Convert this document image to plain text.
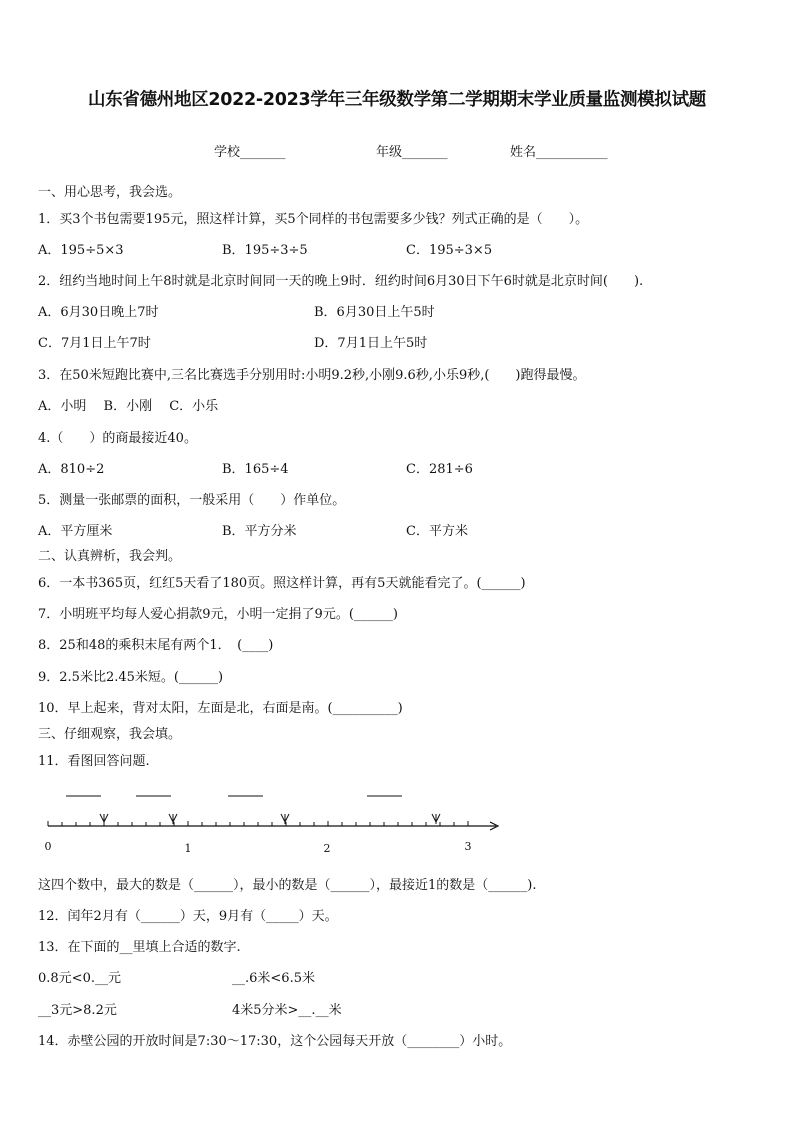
山东省德州地区2022-2023学年三年级数学第二学期期末学业质量监测模拟试题
学校_______	年级_______	姓名___________
一、用心思考，我会选。
1．买3个书包需要195元，照这样计算，买5个同样的书包需要多少钱？列式正确的是（　　）。
A．195÷5×3	B．195÷3÷5	C．195÷3×5
2．纽约当地时间上午8时就是北京时间同一天的晚上9时．纽约时间6月30日下午6时就是北京时间(　　).
A．6月30日晚上7时	B．6月30日上午5时
C．7月1日上午7时	D．7月1日上午5时
3．在50米短跑比赛中,三名比赛选手分别用时:小明9.2秒,小刚9.6秒,小乐9秒,(　　)跑得最慢。
A．小明　 B．小刚　 C．小乐
4.（　　）的商最接近40。
A．810÷2	B．165÷4	C．281÷6
5．测量一张邮票的面积，一般采用（　　）作单位。
A．平方厘米	B．平方分米	C．平方米
二、认真辨析，我会判。
6．一本书365页，红红5天看了180页。照这样计算，再有5天就能看完了。(______)
7．小明班平均每人爱心捐款9元，小明一定捐了9元。(______)
8．25和48的乘积末尾有两个1．　(____)
9．2.5米比2.45米短。(______)
10．早上起来，背对太阳，左面是北，右面是南。(__________)
三、仔细观察，我会填。
11．看图回答问题.
0	1	2	3
这四个数中，最大的数是（______），最小的数是（______），最接近1的数是（______).
12．闰年2月有（______）天，9月有（_____）天。
13．在下面的__里填上合适的数字.
0.8元<0.__元	__.6米<6.5米
__3元>8.2元	4米5分米>__.__米
14．赤壁公园的开放时间是7:30～17:30，这个公园每天开放（________）小时。
